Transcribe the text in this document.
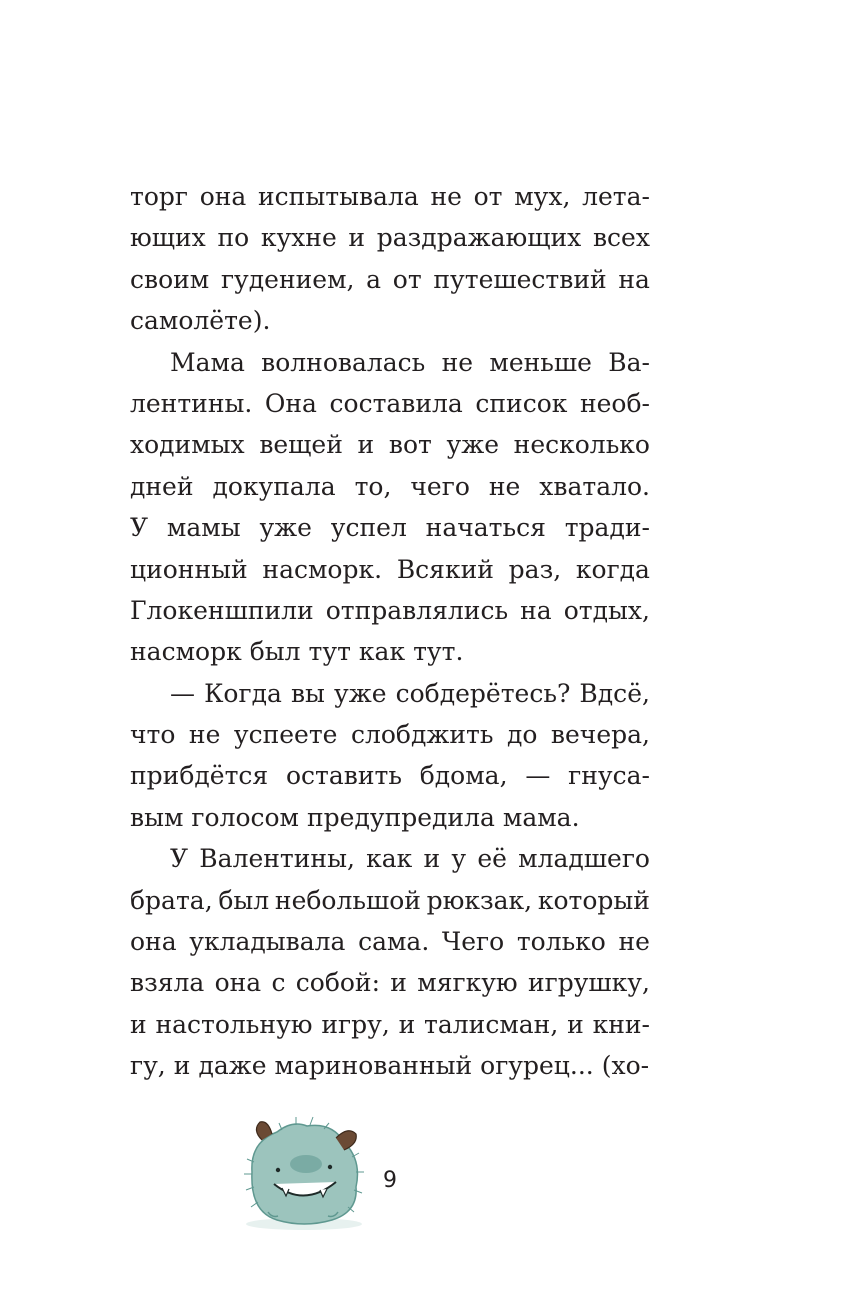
торг она испытывала не от мух, лета-
ющих по кухне и раздражающих всех
своим гудением, а от путешествий на
самолёте).
Мама волновалась не меньше Ва-
лентины. Она составила список необ-
ходимых вещей и вот уже несколько
дней докупала то, чего не хватало.
У мамы уже успел начаться тради-
ционный насморк. Всякий раз, когда
Глокеншпили отправлялись на отдых,
насморк был тут как тут.
— Когда вы уже собдерётесь? Вдсё,
что не успеете слобджить до вечера,
прибдётся оставить бдома, — гнуса-
вым голосом предупредила мама.
У Валентины, как и у её младшего
брата, был небольшой рюкзак, который
она укладывала сама. Чего только не
взяла она с собой: и мягкую игрушку,
и настольную игру, и талисман, и кни-
гу, и даже маринованный огурец... (хо-
9
